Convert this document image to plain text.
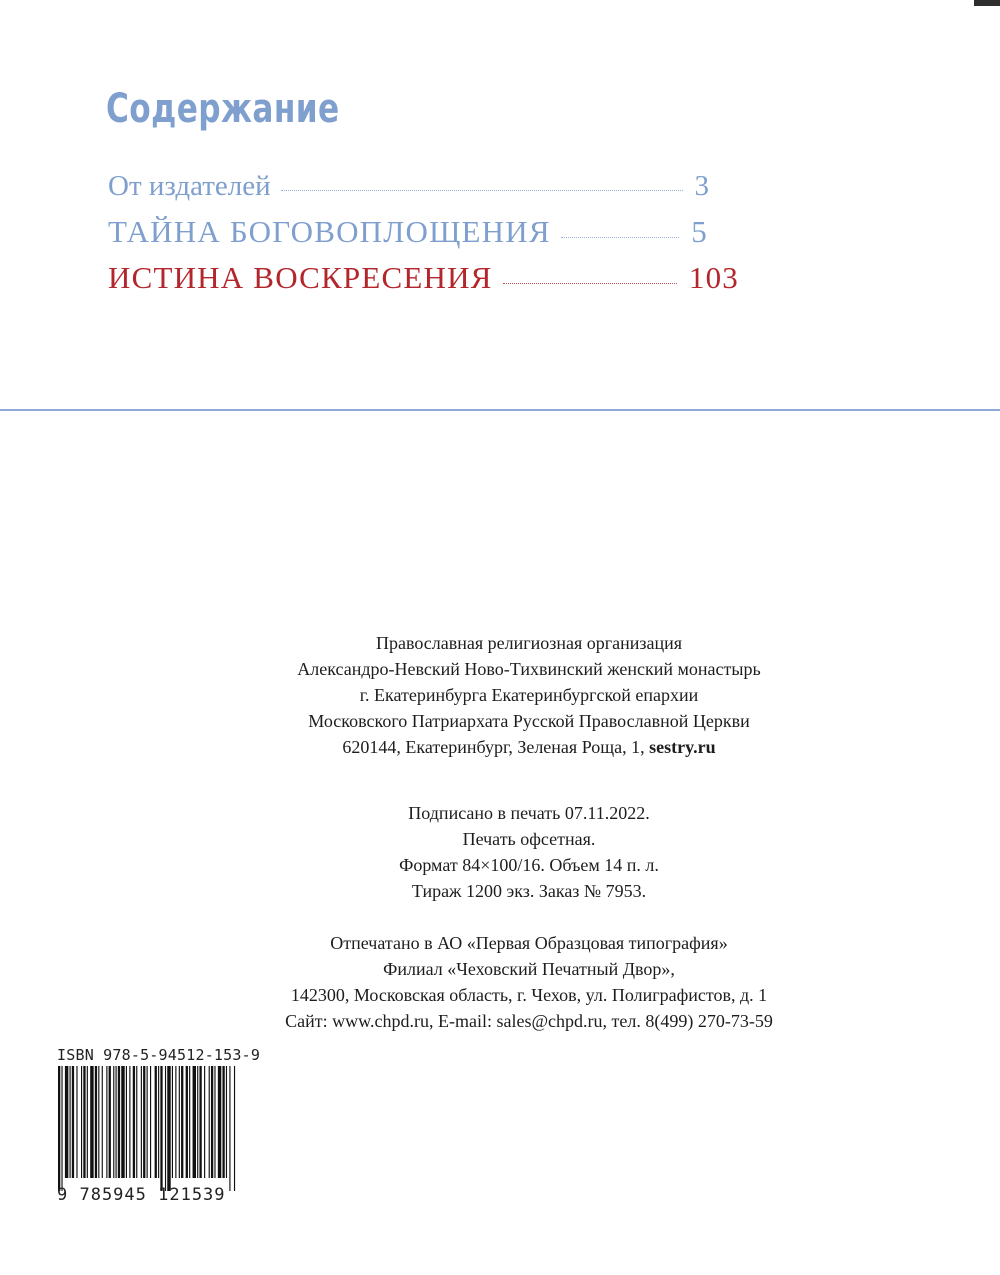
Содержание
От издателей	3
ТАЙНА БОГОВОПЛОЩЕНИЯ	5
ИСТИНА ВОСКРЕСЕНИЯ	103
Православная религиозная организация
Александро-Невский Ново-Тихвинский женский монастырь
г. Екатеринбурга Екатеринбургской епархии
Московского Патриархата Русской Православной Церкви
620144, Екатеринбург, Зеленая Роща, 1, sestry.ru
Подписано в печать 07.11.2022.
Печать офсетная.
Формат 84×100/16. Объем 14 п. л.
Тираж 1200 экз. Заказ № 7953.
Отпечатано в АО «Первая Образцовая типография»
Филиал «Чеховский Печатный Двор»,
142300, Московская область, г. Чехов, ул. Полиграфистов, д. 1
Сайт: www.chpd.ru, E-mail: sales@chpd.ru, тел. 8(499) 270-73-59
ISBN 978-5-94512-153-9
9 785945 121539
